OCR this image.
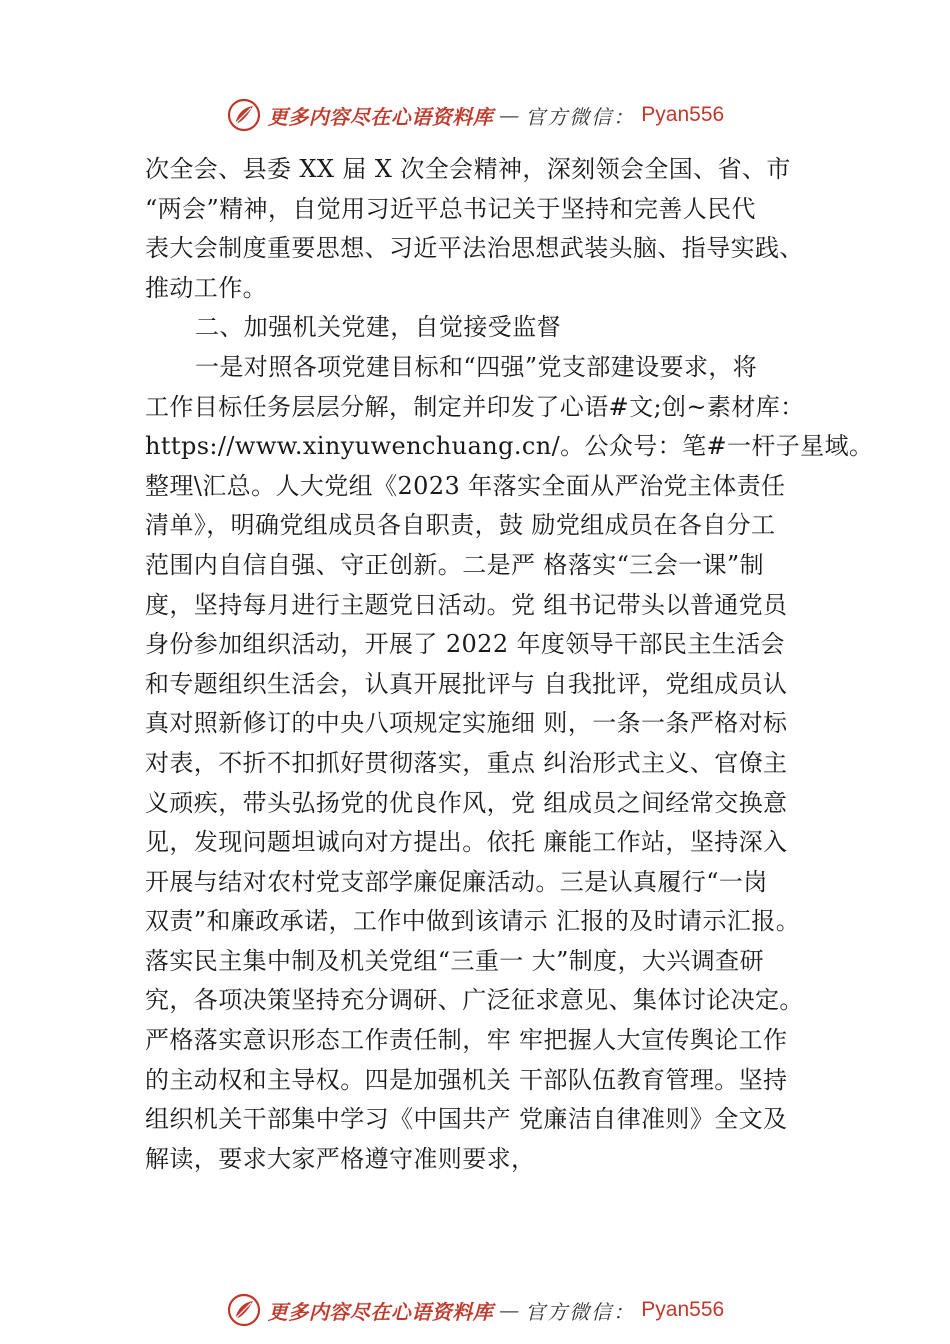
更多内容尽在心语资料库 — 官方微信： Pyan556
次全会、县委 XX 届 X 次全会精神，深刻领会全国、省、市
“两会”精神，自觉用习近平总书记关于坚持和完善人民代
表大会制度重要思想、习近平法治思想武装头脑、指导实践、
推动工作。
二、加强机关党建，自觉接受监督
一是对照各项党建目标和“四强”党支部建设要求，将
工作目标任务层层分解，制定并印发了心语#文;创~素材库：
https://www.xinyuwenchuang.cn/。公众号：笔#一杆子星域。
整理\汇总。人大党组《2023 年落实全面从严治党主体责任
清单》，明确党组成员各自职责，鼓 励党组成员在各自分工
范围内自信自强、守正创新。二是严 格落实“三会一课”制
度，坚持每月进行主题党日活动。党 组书记带头以普通党员
身份参加组织活动，开展了 2022 年度领导干部民主生活会
和专题组织生活会，认真开展批评与 自我批评，党组成员认
真对照新修订的中央八项规定实施细 则，一条一条严格对标
对表，不折不扣抓好贯彻落实，重点 纠治形式主义、官僚主
义顽疾，带头弘扬党的优良作风，党 组成员之间经常交换意
见，发现问题坦诚向对方提出。依托 廉能工作站，坚持深入
开展与结对农村党支部学廉促廉活动。三是认真履行“一岗
双责”和廉政承诺，工作中做到该请示 汇报的及时请示汇报。
落实民主集中制及机关党组“三重一 大”制度，大兴调查研
究，各项决策坚持充分调研、广泛征求意见、集体讨论决定。
严格落实意识形态工作责任制，牢 牢把握人大宣传舆论工作
的主动权和主导权。四是加强机关 干部队伍教育管理。坚持
组织机关干部集中学习《中国共产 党廉洁自律准则》全文及
解读，要求大家严格遵守准则要求，
更多内容尽在心语资料库 — 官方微信： Pyan556
